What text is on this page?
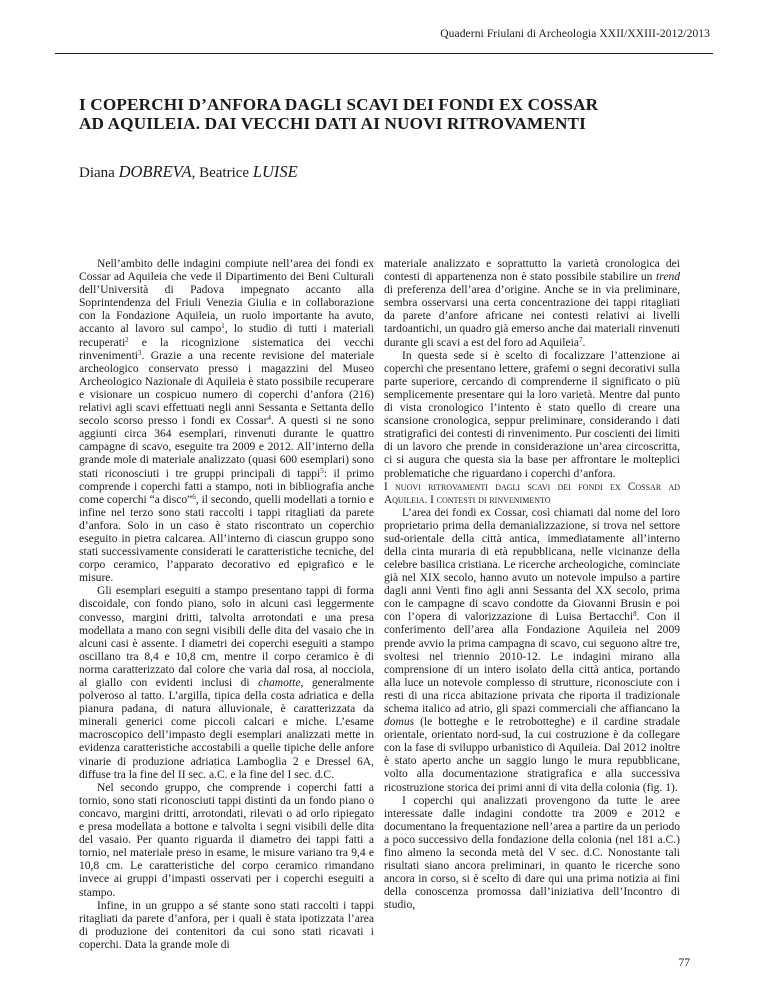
Quaderni Friulani di Archeologia XXII/XXIII-2012/2013
I COPERCHI D’ANFORA DAGLI SCAVI DEI FONDI EX COSSAR
AD AQUILEIA. DAI VECCHI DATI AI NUOVI RITROVAMENTI
Diana DOBREVA, Beatrice LUISE

Nell’ambito delle indagini compiute nell’area dei fondi ex Cossar ad Aquileia che vede il Dipartimento dei Beni Culturali dell’Università di Padova impegnato accanto alla Soprintendenza del Friuli Venezia Giulia e in collaborazione con la Fondazione Aquileia, un ruolo importante ha avuto, accanto al lavoro sul campo$^1$, lo studio di tutti i materiali recuperati$^2$ e la ricognizione sistematica dei vecchi rinvenimenti$^3$. Grazie a una recente revisione del materiale archeologico conservato presso i magazzini del Museo Archeologico Nazionale di Aquileia è stato possibile recuperare e visionare un cospicuo numero di coperchi d’anfora (216) relativi agli scavi effettuati negli anni Sessanta e Settanta dello secolo scorso presso i fondi ex Cossar$^4$. A questi si ne sono aggiunti circa 364 esemplari, rinvenuti durante le quattro campagne di scavo, eseguite tra 2009 e 2012. All’interno della grande mole di materiale analizzato (quasi 600 esemplari) sono stati riconosciuti i tre gruppi principali di tappi$^5$: il primo comprende i coperchi fatti a stampo, noti in bibliografia anche come coperchi “a disco”$^6$, il secondo, quelli modellati a tornio e infine nel terzo sono stati raccolti i tappi ritagliati da parete d’anfora. Solo in un caso è stato riscontrato un coperchio eseguito in pietra calcarea. All’interno di ciascun gruppo sono stati successivamente considerati le caratteristiche tecniche, del corpo ceramico, l’apparato decorativo ed epigrafico e le misure.

Gli esemplari eseguiti a stampo presentano tappi di forma discoidale, con fondo piano, solo in alcuni casi leggermente convesso, margini dritti, talvolta arrotondati e una presa modellata a mano con segni visibili delle dita del vasaio che in alcuni casi è assente. I diametri dei coperchi eseguiti a stampo oscillano tra 8,4 e 10,8 cm, mentre il corpo ceramico è di norma caratterizzato dal colore che varia dal rosa, al nocciola, al giallo con evidenti inclusi di chamotte, generalmente polveroso al tatto. L’argilla, tipica della costa adriatica e della pianura padana, di natura alluvionale, è caratterizzata da minerali generici come piccoli calcari e miche. L’esame macroscopico dell’impasto degli esemplari analizzati mette in evidenza caratteristiche accostabili a quelle tipiche delle anfore vinarie di produzione adriatica Lamboglia 2 e Dressel 6A, diffuse tra la fine del II sec. a.C. e la fine del I sec. d.C.

Nel secondo gruppo, che comprende i coperchi fatti a tornio, sono stati riconosciuti tappi distinti da un fondo piano o concavo, margini dritti, arrotondati, rilevati o ad orlo ripiegato e presa modellata a bottone e talvolta i segni visibili delle dita del vasaio. Per quanto riguarda il diametro dei tappi fatti a tornio, nel materiale preso in esame, le misure variano tra 9,4 e 10,8 cm. Le caratteristiche del corpo ceramico rimandano invece ai gruppi d’impasti osservati per i coperchi eseguiti a stampo.

Infine, in un gruppo a sé stante sono stati raccolti i tappi ritagliati da parete d’anfora, per i quali è stata ipotizzata l’area di produzione dei contenitori da cui sono stati ricavati i coperchi. Data la grande mole di

materiale analizzato e soprattutto la varietà cronologica dei contesti di appartenenza non è stato possibile stabilire un trend di preferenza dell’area d’origine. Anche se in via preliminare, sembra osservarsi una certa concentrazione dei tappi ritagliati da parete d’anfore africane nei contesti relativi ai livelli tardoantichi, un quadro già emerso anche dai materiali rinvenuti durante gli scavi a est del foro ad Aquileia$^7$.

In questa sede si è scelto di focalizzare l’attenzione ai coperchi che presentano lettere, grafemi o segni decorativi sulla parte superiore, cercando di comprenderne il significato o più semplicemente presentare qui la loro varietà. Mentre dal punto di vista cronologico l’intento è stato quello di creare una scansione cronologica, seppur preliminare, considerando i dati stratigrafici dei contesti di rinvenimento. Pur coscienti dei limiti di un lavoro che prende in considerazione un’area circoscritta, ci si augura che questa sia la base per affrontare le molteplici problematiche che riguardano i coperchi d’anfora.

I nuovi ritrovamenti dagli scavi dei fondi ex Cossar ad Aquileia. I contesti di rinvenimento

L’area dei fondi ex Cossar, così chiamati dal nome del loro proprietario prima della demanializzazione, si trova nel settore sud-orientale della città antica, immediatamente all’interno della cinta muraria di età repubblicana, nelle vicinanze della celebre basilica cristiana. Le ricerche archeologiche, cominciate già nel XIX secolo, hanno avuto un notevole impulso a partire dagli anni Venti fino agli anni Sessanta del XX secolo, prima con le campagne di scavo condotte da Giovanni Brusin e poi con l’opera di valorizzazione di Luisa Bertacchi$^8$. Con il conferimento dell’area alla Fondazione Aquileia nel 2009 prende avvio la prima campagna di scavo, cui seguono altre tre, svoltesi nel triennio 2010-12. Le indagini mirano alla comprensione di un intero isolato della città antica, portando alla luce un notevole complesso di strutture, riconosciute con i resti di una ricca abitazione privata che riporta il tradizionale schema italico ad atrio, gli spazi commerciali che affiancano la domus (le botteghe e le retrobotteghe) e il cardine stradale orientale, orientato nord-sud, la cui costruzione è da collegare con la fase di sviluppo urbanistico di Aquileia. Dal 2012 inoltre è stato aperto anche un saggio lungo le mura repubblicane, volto alla documentazione stratigrafica e alla successiva ricostruzione storica dei primi anni di vita della colonia (fig. 1).

I coperchi qui analizzati provengono da tutte le aree interessate dalle indagini condotte tra 2009 e 2012 e documentano la frequentazione nell’area a partire da un periodo a poco successivo della fondazione della colonia (nel 181 a.C.) fino almeno la seconda metà del V sec. d.C. Nonostante tali risultati siano ancora preliminari, in quanto le ricerche sono ancora in corso, si è scelto di dare qui una prima notizia ai fini della conoscenza promossa dall’iniziativa dell’Incontro di studio,

77
